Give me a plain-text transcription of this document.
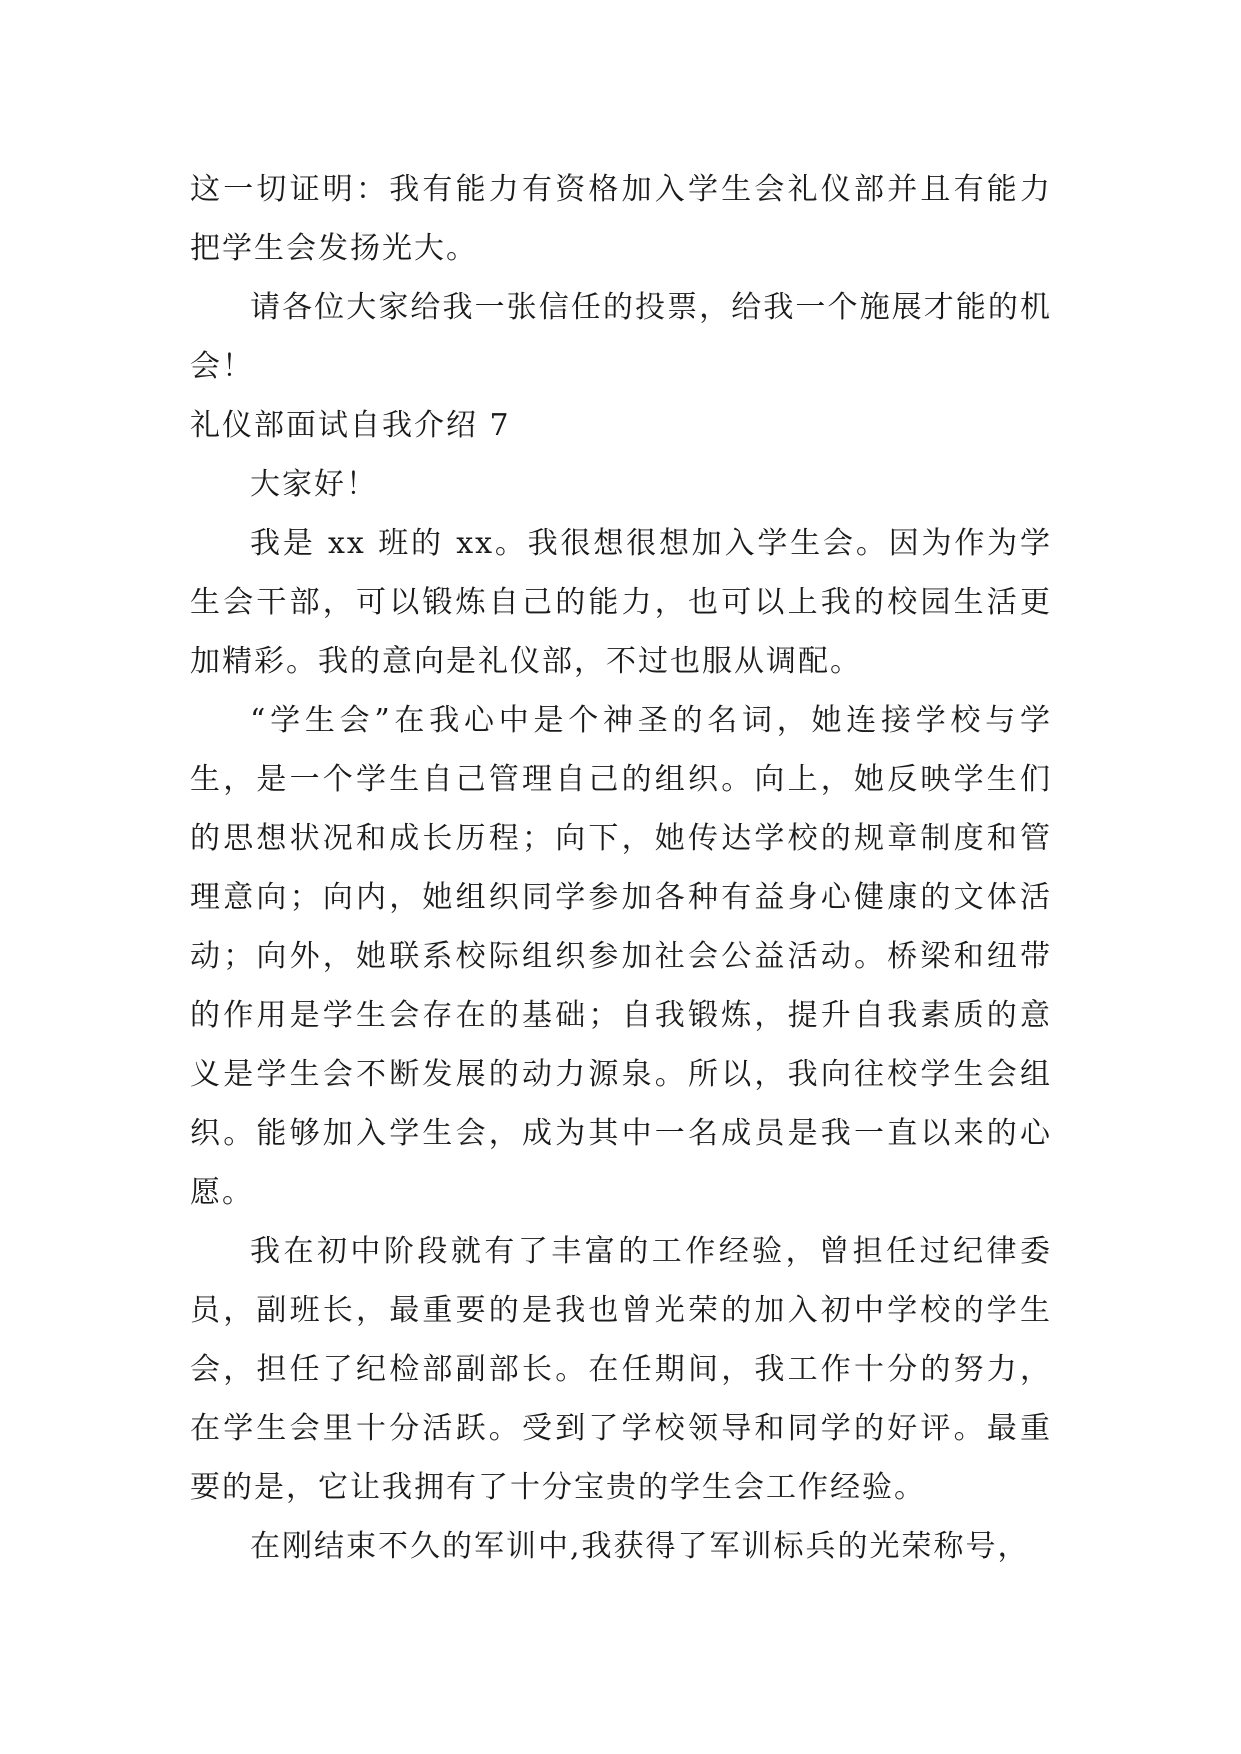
这一切证明：我有能力有资格加入学生会礼仪部并且有能力把学生会发扬光大。

请各位大家给我一张信任的投票，给我一个施展才能的机会！

礼仪部面试自我介绍 7

大家好！

我是 xx 班的 xx。我很想很想加入学生会。因为作为学生会干部，可以锻炼自己的能力，也可以上我的校园生活更加精彩。我的意向是礼仪部，不过也服从调配。

“学生会”在我心中是个神圣的名词，她连接学校与学生，是一个学生自己管理自己的组织。向上，她反映学生们的思想状况和成长历程；向下，她传达学校的规章制度和管理意向；向内，她组织同学参加各种有益身心健康的文体活动；向外，她联系校际组织参加社会公益活动。桥梁和纽带的作用是学生会存在的基础；自我锻炼，提升自我素质的意义是学生会不断发展的动力源泉。所以，我向往校学生会组织。能够加入学生会，成为其中一名成员是我一直以来的心愿。

我在初中阶段就有了丰富的工作经验，曾担任过纪律委员，副班长，最重要的是我也曾光荣的加入初中学校的学生会，担任了纪检部副部长。在任期间，我工作十分的努力，在学生会里十分活跃。受到了学校领导和同学的好评。最重要的是，它让我拥有了十分宝贵的学生会工作经验。

在刚结束不久的军训中,我获得了军训标兵的光荣称号，
